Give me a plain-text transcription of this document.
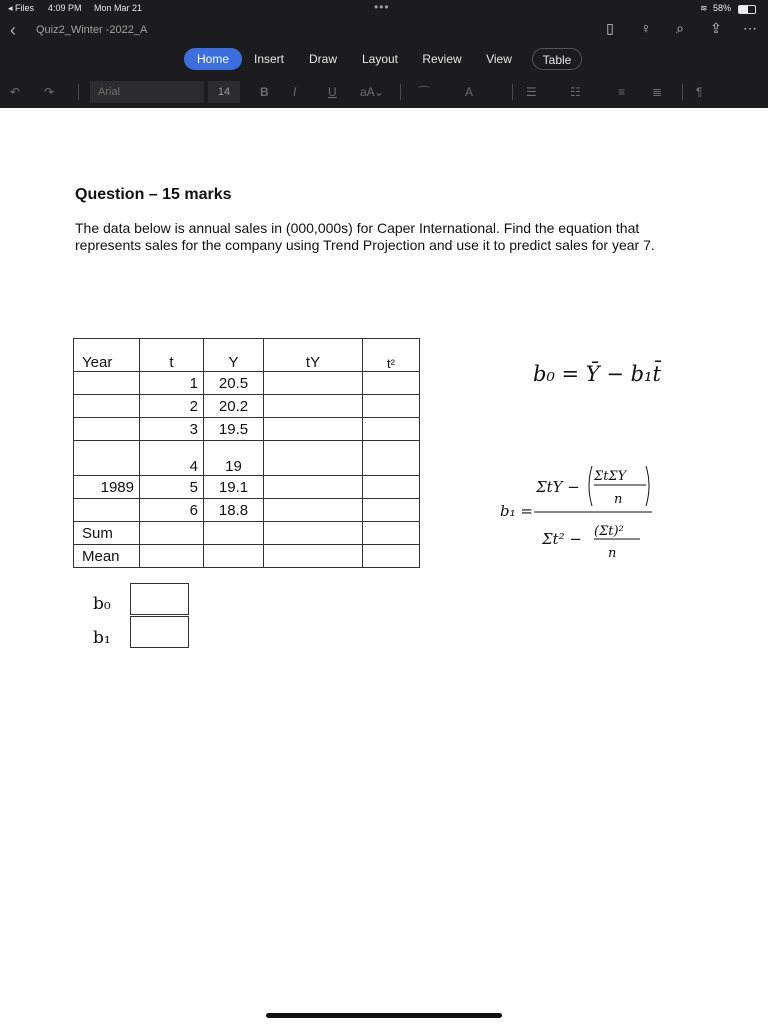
◂ Files 4:09 PM Mon Mar 21	•••	≋ 58%
‹ Quiz2_Winter -2022_A	▯	♀	⌕	⇪ ⋯
Home	Insert	Draw	Layout	Review	View	Table
↶ ↷	Arial	14	B I	U aA ⌄	⌒	A	☰	☷	≡ ≣	¶
Question – 15 marks
The data below is annual sales in (000,000s) for Caper International. Find the equation that represents sales for the company using Trend Projection and use it to predict sales for year 7.
Year	t	Y	tY	t²
	1	20.5		
	2	20.2		
	3	19.5		
	4	19		
1989	5	19.1		
	6	18.8		
Sum				
Mean				
b₀
b₁
b₀ = Ȳ − b₁t̄
b₁ =
ΣtY −
ΣtΣY
n
Σt² − (Σt)²
n
